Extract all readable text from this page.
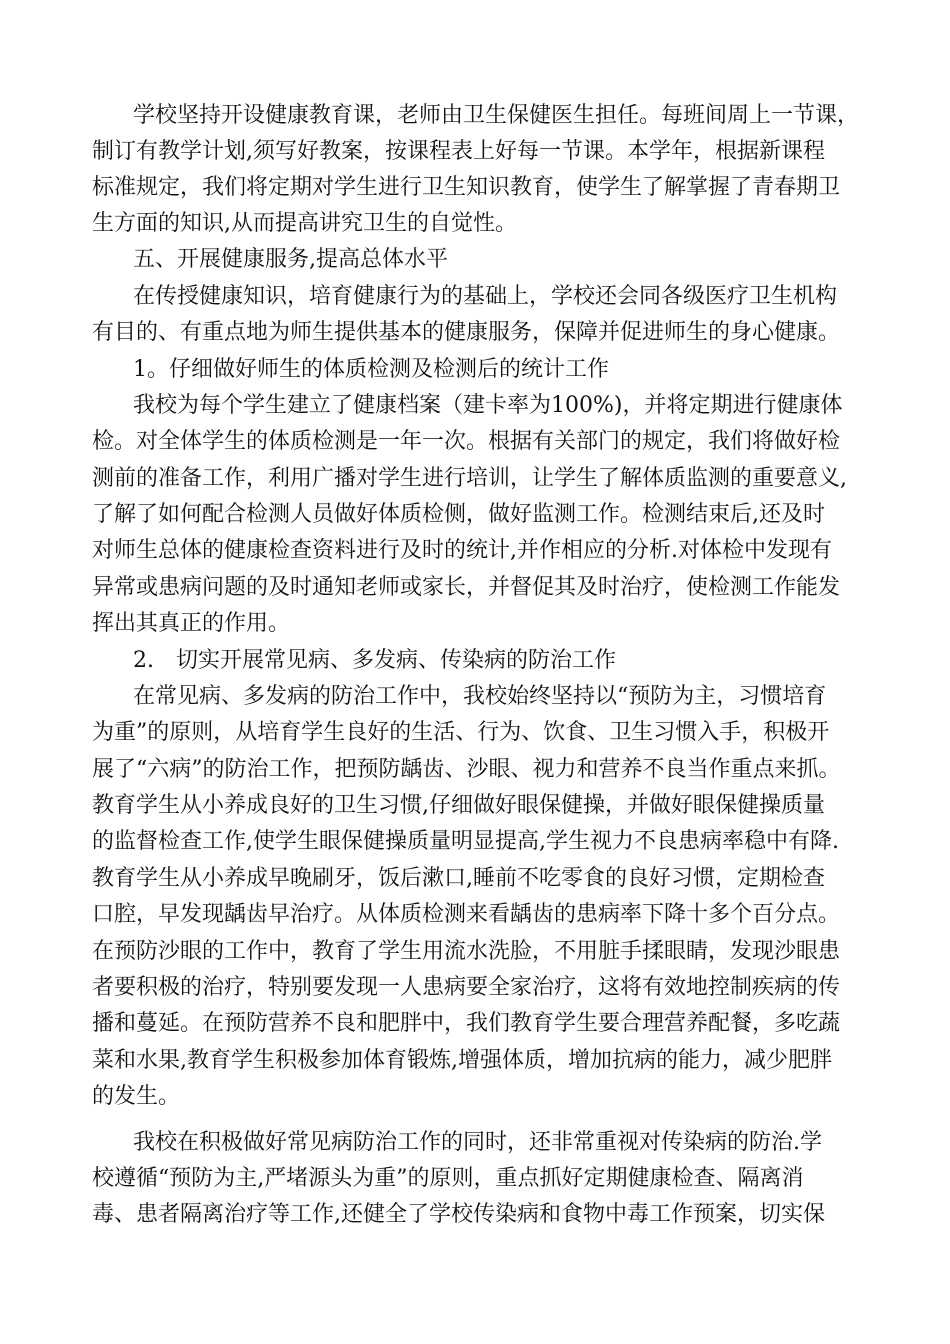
学校坚持开设健康教育课，老师由卫生保健医生担任。每班间周上一节课，
制订有教学计划,须写好教案，按课程表上好每一节课。本学年，根据新课程
标准规定，我们将定期对学生进行卫生知识教育，使学生了解掌握了青春期卫
生方面的知识,从而提高讲究卫生的自觉性。
五、开展健康服务,提高总体水平
在传授健康知识，培育健康行为的基础上，学校还会同各级医疗卫生机构
有目的、有重点地为师生提供基本的健康服务，保障并促进师生的身心健康。
1。仔细做好师生的体质检测及检测后的统计工作
我校为每个学生建立了健康档案（建卡率为100%)，并将定期进行健康体
检。对全体学生的体质检测是一年一次。根据有关部门的规定，我们将做好检
测前的准备工作，利用广播对学生进行培训，让学生了解体质监测的重要意义,
了解了如何配合检测人员做好体质检侧，做好监测工作。检测结束后,还及时
对师生总体的健康检查资料进行及时的统计,并作相应的分析.对体检中发现有
异常或患病问题的及时通知老师或家长，并督促其及时治疗，使检测工作能发
挥出其真正的作用。
2.　切实开展常见病、多发病、传染病的防治工作
在常见病、多发病的防治工作中，我校始终坚持以“预防为主，习惯培育
为重”的原则，从培育学生良好的生活、行为、饮食、卫生习惯入手，积极开
展了“六病”的防治工作，把预防龋齿、沙眼、视力和营养不良当作重点来抓。
教育学生从小养成良好的卫生习惯,仔细做好眼保健操，并做好眼保健操质量
的监督检查工作,使学生眼保健操质量明显提高,学生视力不良患病率稳中有降.
教育学生从小养成早晚刷牙，饭后漱口,睡前不吃零食的良好习惯，定期检查
口腔，早发现龋齿早治疗。从体质检测来看龋齿的患病率下降十多个百分点。
在预防沙眼的工作中，教育了学生用流水洗脸，不用脏手揉眼睛，发现沙眼患
者要积极的治疗，特别要发现一人患病要全家治疗，这将有效地控制疾病的传
播和蔓延。在预防营养不良和肥胖中，我们教育学生要合理营养配餐，多吃蔬
菜和水果,教育学生积极参加体育锻炼,增强体质，增加抗病的能力，减少肥胖
的发生。
我校在积极做好常见病防治工作的同时，还非常重视对传染病的防治.学
校遵循“预防为主,严堵源头为重”的原则，重点抓好定期健康检查、隔离消
毒、患者隔离治疗等工作,还健全了学校传染病和食物中毒工作预案，切实保
